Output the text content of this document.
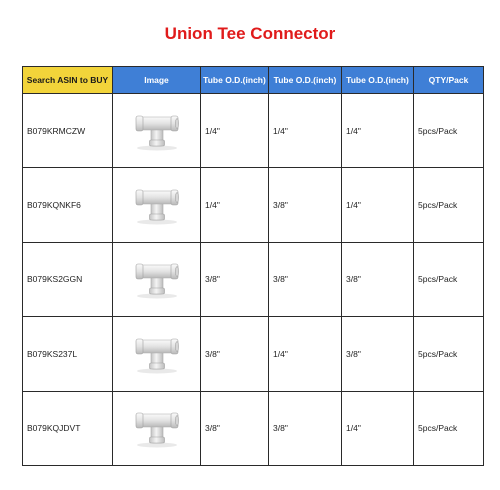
Union Tee Connector
Search ASIN to BUY	Image	Tube O.D.(inch)	Tube O.D.(inch)	Tube O.D.(inch)	QTY/Pack
B079KRMCZW		1/4"	1/4"	1/4"	5pcs/Pack
B079KQNKF6		1/4"	3/8"	1/4"	5pcs/Pack
B079KS2GGN		3/8"	3/8"	3/8"	5pcs/Pack
B079KS237L		3/8"	1/4"	3/8"	5pcs/Pack
B079KQJDVT		3/8"	3/8"	1/4"	5pcs/Pack
